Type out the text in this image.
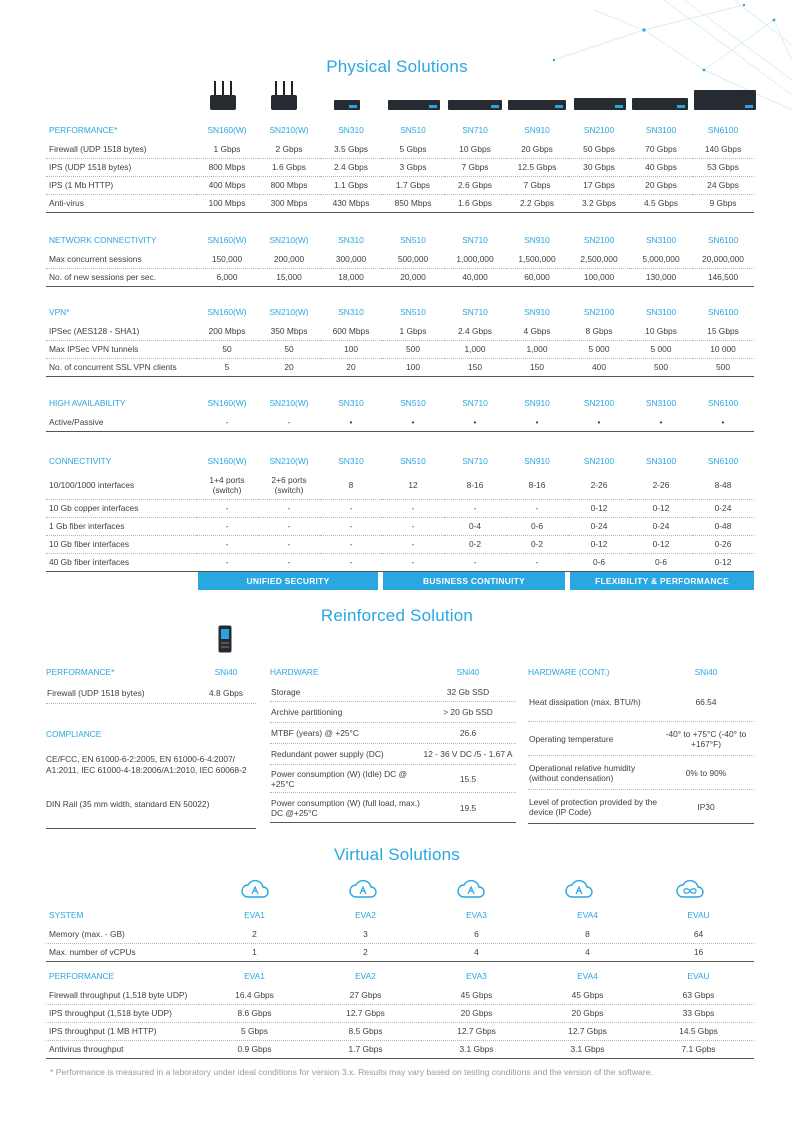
Physical Solutions
PERFORMANCE*	SN160(W)	SN210(W)	SN310	SN510	SN710	SN910	SN2100	SN3100	SN6100
Firewall (UDP 1518 bytes)	1 Gbps	2 Gbps	3.5 Gbps	5 Gbps	10 Gbps	20 Gbps	50 Gbps	70 Gbps	140 Gbps
IPS (UDP 1518 bytes)	800 Mbps	1.6 Gbps	2.4 Gbps	3 Gbps	7 Gbps	12.5 Gbps	30 Gbps	40 Gbps	53 Gbps
IPS (1 Mb HTTP)	400 Mbps	800 Mbps	1.1 Gbps	1.7 Gbps	2.6 Gbps	7 Gbps	17 Gbps	20 Gbps	24 Gbps
Anti-virus	100 Mbps	300 Mbps	430 Mbps	850 Mbps	1.6 Gbps	2.2 Gbps	3.2 Gbps	4.5 Gbps	9 Gbps
NETWORK CONNECTIVITY	SN160(W)	SN210(W)	SN310	SN510	SN710	SN910	SN2100	SN3100	SN6100
Max concurrent sessions	150,000	200,000	300,000	500,000	1,000,000	1,500,000	2,500,000	5,000,000	20,000,000
No. of new sessions per sec.	6,000	15,000	18,000	20,000	40,000	60,000	100,000	130,000	146,500
VPN*	SN160(W)	SN210(W)	SN310	SN510	SN710	SN910	SN2100	SN3100	SN6100
IPSec (AES128 - SHA1)	200 Mbps	350 Mbps	600 Mbps	1 Gbps	2.4 Gbps	4 Gbps	8 Gbps	10 Gbps	15 Gbps
Max IPSec VPN tunnels	50	50	100	500	1,000	1,000	5 000	5 000	10 000
No. of concurrent SSL VPN clients	5	20	20	100	150	150	400	500	500
HIGH AVAILABILITY	SN160(W)	SN210(W)	SN310	SN510	SN710	SN910	SN2100	SN3100	SN6100
Active/Passive	-	-	•	•	•	•	•	•	•
CONNECTIVITY	SN160(W)	SN210(W)	SN310	SN510	SN710	SN910	SN2100	SN3100	SN6100
10/100/1000 interfaces	1+4 ports (switch)	2+6 ports (switch)	8	12	8-16	8-16	2-26	2-26	8-48
10 Gb copper interfaces	-	-	-	-	-	-	0-12	0-12	0-24
1 Gb fiber interfaces	-	-	-	-	0-4	0-6	0-24	0-24	0-48
10 Gb fiber interfaces	-	-	-	-	0-2	0-2	0-12	0-12	0-26
40 Gb fiber interfaces	-	-	-	-	-	-	0-6	0-6	0-12
UNIFIED SECURITY	BUSINESS CONTINUITY	FLEXIBILITY & PERFORMANCE
Reinforced Solution
PERFORMANCE*	SNi40
Firewall (UDP 1518 bytes)	4.8 Gbps
COMPLIANCE
CE/FCC, EN 61000-6-2:2005, EN 61000-6-4:2007/ A1:2011, IEC 61000-4-18:2006/A1:2010, IEC 60068-2
DIN Rail (35 mm width, standard EN 50022)
HARDWARE	SNi40
Storage	32 Gb SSD
Archive partitioning	> 20 Gb SSD
MTBF (years) @ +25°C	26.6
Redundant power supply (DC)	12 - 36 V DC /5 - 1.67 A
Power consumption (W) (Idle) DC @ +25°C	15.5
Power consumption (W) (full load, max.) DC @+25°C	19.5
HARDWARE (CONT.)	SNi40
Heat dissipation (max. BTU/h)	66.54
Operating temperature	-40° to +75°C (-40° to +167°F)
Operational relative humidity (without condensation)	0% to 90%
Level of protection provided by the device (IP Code)	IP30
Virtual Solutions
SYSTEM	EVA1	EVA2	EVA3	EVA4	EVAU
Memory (max. - GB)	2	3	6	8	64
Max. number of vCPUs	1	2	4	4	16
PERFORMANCE	EVA1	EVA2	EVA3	EVA4	EVAU
Firewall throughput (1,518 byte UDP)	16.4 Gbps	27 Gbps	45 Gbps	45 Gbps	63 Gbps
IPS throughput (1,518 byte UDP)	8.6 Gbps	12.7 Gbps	20 Gbps	20 Gbps	33 Gbps
IPS throughput (1 MB HTTP)	5 Gbps	8.5 Gbps	12.7 Gbps	12.7 Gbps	14.5 Gbps
Antivirus throughput	0.9 Gbps	1.7 Gbps	3.1 Gbps	3.1 Gbps	7.1 Gpbs
* Performance is measured in a laboratory under ideal conditions for version 3.x. Results may vary based on testing conditions and the version of the software.
